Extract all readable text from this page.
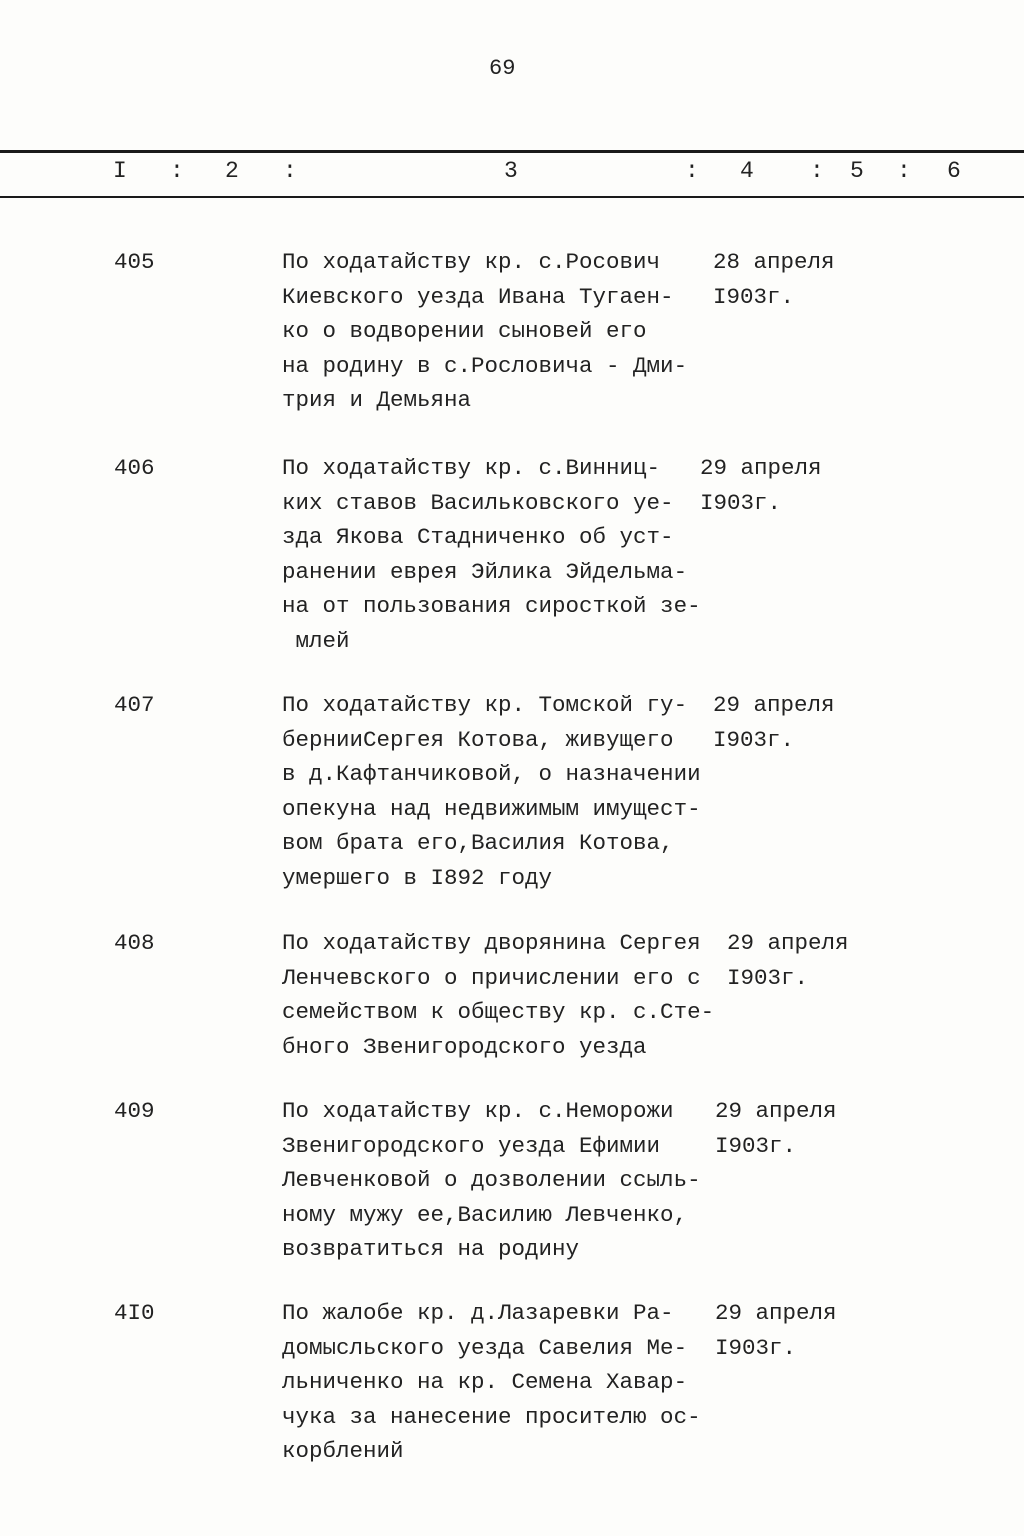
69
I : 2 :	3	: 4 : 5 : 6
405	По ходатайству кр. с.Росович
Киевского уезда Ивана Тугаен-
ко о водворении сыновей его
на родину в с.Pословича - Дми-
трия и Демьяна
28 апреля
I903г.
406	По ходатайству кр. с.Винниц-
ких ставов Васильковского уе-
зда Якова Стадниченко об уст-
ранении еврея Эйлика Эйдельма-
на от пользования сиросткой зе-
млей
29 апреля
I903г.
407	По ходатайству кр. Томской гу-
бернииСергея Котова, живущего
в д.Кафтанчиковой, о назначении
опекуна над недвижимым имущест-
вом брата его,Василия Котова,
умершего в I892 году
29 апреля
I903г.
408	По ходатайству дворянина Сергея
Ленчевского о причислении его с
семейством к обществу кр. с.Сте-
бного Звенигородского уезда
29 апреля
I903г.
409	По ходатайству кр. с.Неморожи
Звенигородского уезда Ефимии
Левченковой о дозволении ссыль-
ному мужу ее,Василию Левченко,
возвратиться на родину
29 апреля
I903г.
4I0	По жалобе кр. д.Лазаревки Ра-
домысльского уезда Савелия Ме-
льниченко на кр. Семена Хавар-
чука за нанесение просителю ос-
корблений
29 апреля
I903г.
